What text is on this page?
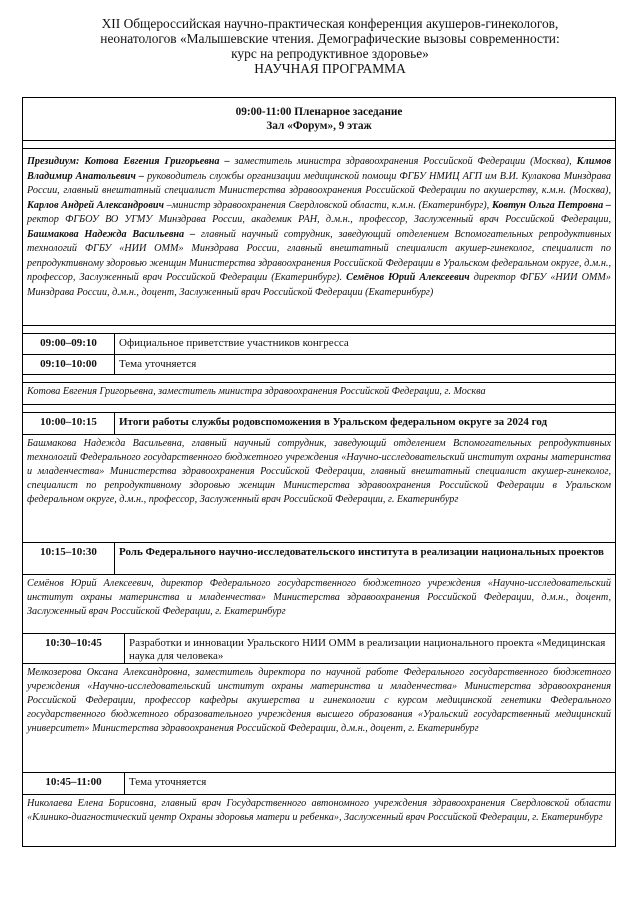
XII Общероссийская научно-практическая конференция акушеров-гинекологов,
неонатологов «Малышевские чтения. Демографические вызовы современности:
курс на репродуктивное здоровье»
НАУЧНАЯ ПРОГРАММА
09:00-11:00 Пленарное заседание
Зал «Форум», 9 этаж
Президиум: Котова Евгения Григорьевна – заместитель министра здравоохранения Российской Федерации (Москва), Климов Владимир Анатольевич – руководитель службы организации медицинской помощи ФГБУ НМИЦ АГП им В.И. Кулакова Минздрава России, главный внештатный специалист Министерства здравоохранения Российской Федерации по акушерству, к.м.н. (Москва), Карлов Андрей Александрович –министр здравоохранения Свердловской области, к.м.н. (Екатеринбург), Ковтун Ольга Петровна – ректор ФГБОУ ВО УГМУ Минздрава России, академик РАН, д.м.н., профессор, Заслуженный врач Российской Федерации, Башмакова Надежда Васильевна – главный научный сотрудник, заведующий отделением Вспомогательных репродуктивных технологий ФГБУ «НИИ ОММ» Минздрава России, главный внештатный специалист акушер-гинеколог, специалист по репродуктивному здоровью женщин Министерства здравоохранения Российской Федерации в Уральском федеральном округе, д.м.н., профессор, Заслуженный врач Российской Федерации (Екатеринбург). Семёнов Юрий Алексеевич директор ФГБУ «НИИ ОММ» Минздрава России, д.м.н., доцент, Заслуженный врач Российской Федерации (Екатеринбург)
09:00–09:10	Официальное приветствие участников конгресса
09:10–10:00	Тема уточняется
Котова Евгения Григорьевна, заместитель министра здравоохранения Российской Федерации, г. Москва
10:00–10:15	Итоги работы службы родовспоможения в Уральском федеральном округе за 2024 год
Башмакова Надежда Васильевна, главный научный сотрудник, заведующий отделением Вспомогательных репродуктивных технологий Федерального государственного бюджетного учреждения «Научно-исследовательский институт охраны материнства и младенчества» Министерства здравоохранения Российской Федерации, главный внештатный специалист акушер-гинеколог, специалист по репродуктивному здоровью женщин Министерства здравоохранения Российской Федерации в Уральском федеральном округе, д.м.н., профессор, Заслуженный врач Российской Федерации, г. Екатеринбург
10:15–10:30	Роль Федерального научно-исследовательского института в реализации национальных проектов
Семёнов Юрий Алексеевич, директор Федерального государственного бюджетного учреждения «Научно-исследовательский институт охраны материнства и младенчества» Министерства здравоохранения Российской Федерации, д.м.н., доцент, Заслуженный врач Российской Федерации, г. Екатеринбург
10:30–10:45	Разработки и инновации Уральского НИИ ОММ в реализации национального проекта «Медицинская наука для человека»
Мелкозерова Оксана Александровна, заместитель директора по научной работе Федерального государственного бюджетного учреждения «Научно-исследовательский институт охраны материнства и младенчества» Министерства здравоохранения Российской Федерации, профессор кафедры акушерства и гинекологии с курсом медицинской генетики Федерального государственного бюджетного образовательного учреждения высшего образования «Уральский государственный медицинский университет» Министерства здравоохранения Российской Федерации, д.м.н., доцент, г. Екатеринбург
10:45–11:00	Тема уточняется
Николаева Елена Борисовна, главный врач Государственного автономного учреждения здравоохранения Свердловской области «Клинико-диагностический центр Охраны здоровья матери и ребенка», Заслуженный врач Российской Федерации, г. Екатеринбург
